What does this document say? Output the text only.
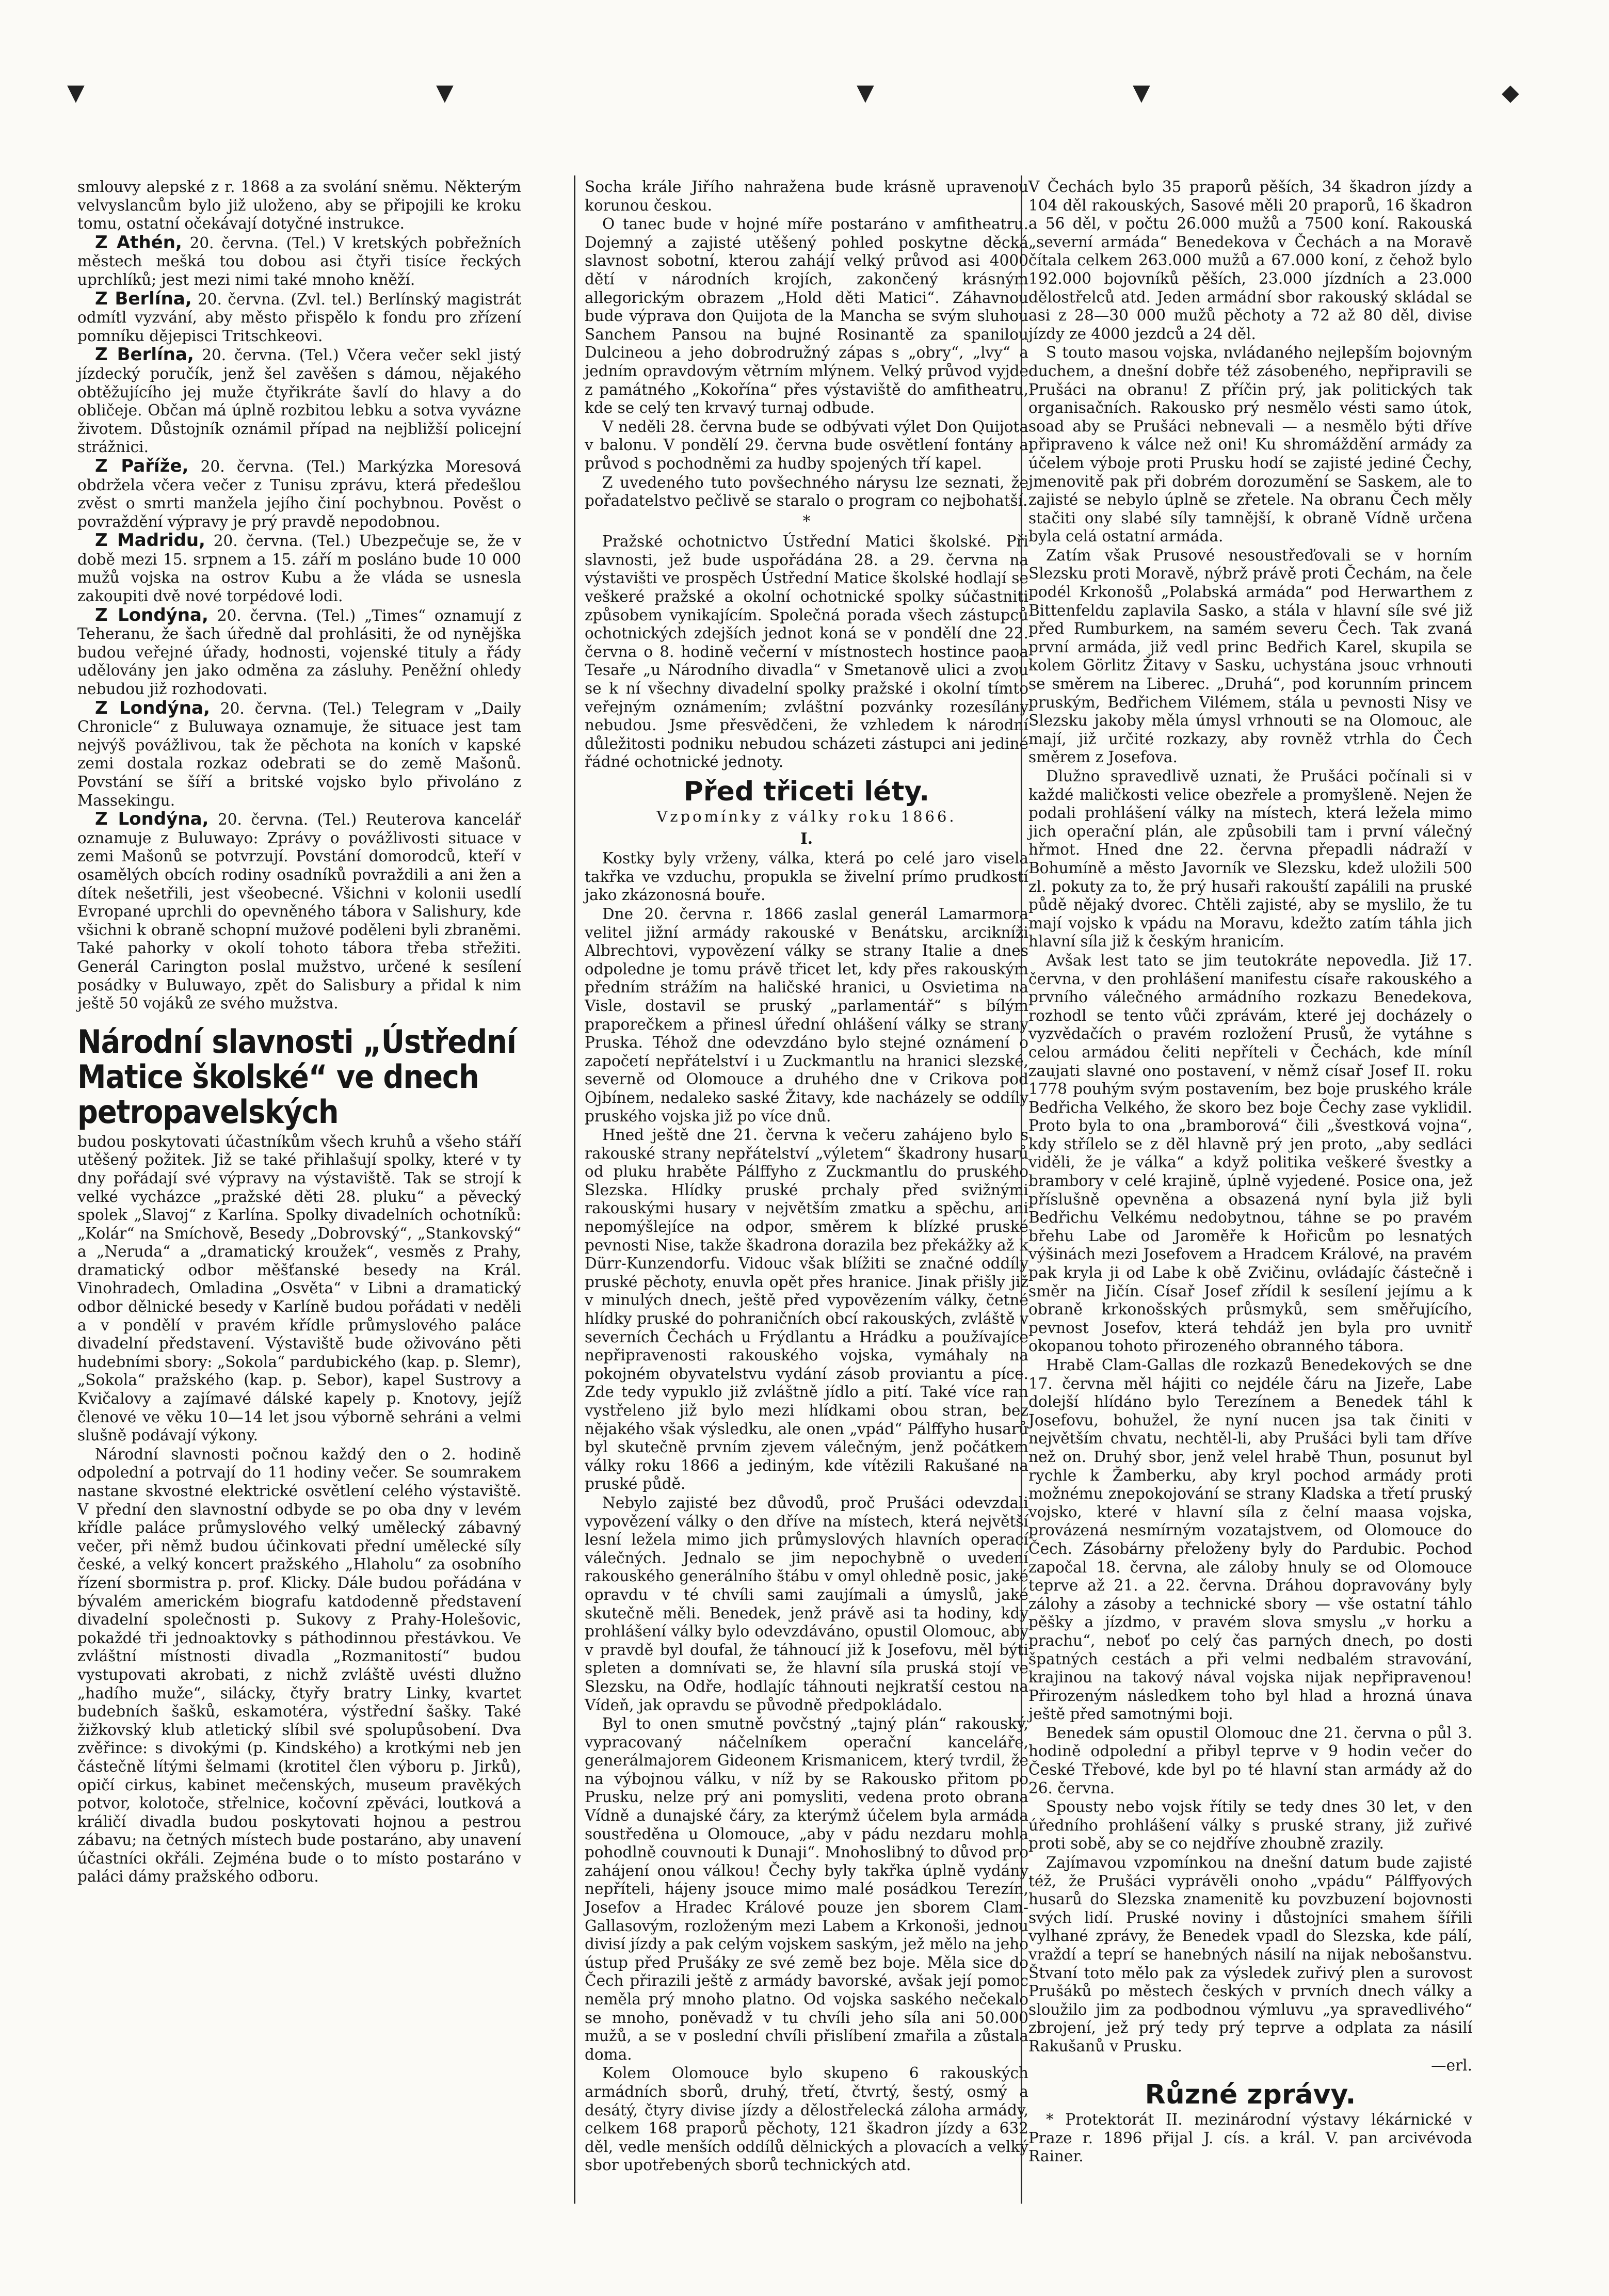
▼	▼	▼	▼	◆

smlouvy alepské z r. 1868 a za svolání sněmu. Některým velvyslancům bylo již uloženo, aby se připojili ke kroku tomu, ostatní očekávají dotyčné instrukce.

Z Athén, 20. června. (Tel.) V kretských pobřežních městech mešká tou dobou asi čtyři tisíce řeckých uprchlíků; jest mezi nimi také mnoho kněží.

Z Berlína, 20. června. (Zvl. tel.) Berlínský magistrát odmítl vyzvání, aby město přispělo k fondu pro zřízení pomníku dějepisci Tritschkeovi.

Z Berlína, 20. června. (Tel.) Včera večer sekl jistý jízdecký poručík, jenž šel zavěšen s dámou, nějakého obtěžujícího jej muže čtyřikráte šavlí do hlavy a do obličeje. Občan má úplně rozbitou lebku a sotva vyvázne životem. Důstojník oznámil případ na nejbližší policejní strážnici.

Z Paříže, 20. června. (Tel.) Markýzka Moresová obdržela včera večer z Tunisu zprávu, která předešlou zvěst o smrti manžela jejího činí pochybnou. Pověst o povraždění výpravy je prý pravdě nepodobnou.

Z Madridu, 20. června. (Tel.) Ubezpečuje se, že v době mezi 15. srpnem a 15. září m posláno bude 10 000 mužů vojska na ostrov Kubu a že vláda se usnesla zakoupiti dvě nové torpédové lodi.

Z Londýna, 20. června. (Tel.) „Times“ oznamují z Teheranu, že šach úředně dal prohlásiti, že od nynějška budou veřejné úřady, hodnosti, vojenské tituly a řády udělovány jen jako odměna za zásluhy. Peněžní ohledy nebudou již rozhodovati.

Z Londýna, 20. června. (Tel.) Telegram v „Daily Chronicle“ z Buluwaya oznamuje, že situace jest tam nejvýš povážlivou, tak že pěchota na koních v kapské zemi dostala rozkaz odebrati se do země Mašonů. Povstání se šíří a britské vojsko bylo přivoláno z Massekingu.

Z Londýna, 20. června. (Tel.) Reuterova kancelář oznamuje z Buluwayo: Zprávy o povážlivosti situace v zemi Mašonů se potvrzují. Povstání domorodců, kteří v osamělých obcích rodiny osadníků povraždili a ani žen a dítek nešetřili, jest všeobecné. Všichni v kolonii usedlí Evropané uprchli do opevněného tábora v Salishury, kde všichni k obraně schopní mužové poděleni byli zbraněmi. Také pahorky v okolí tohoto tábora třeba střežiti. Generál Carington poslal mužstvo, určené k sesílení posádky v Buluwayo, zpět do Salisbury a přidal k nim ještě 50 vojáků ze svého mužstva.

Národní slavnosti „Ústřední Matice školské“ ve dnech petropavelských

budou poskytovati účastníkům všech kruhů a všeho stáří utěšený požitek. Již se také přihlašují spolky, které v ty dny pořádají své výpravy na výstaviště. Tak se strojí k velké vycházce „pražské děti 28. pluku“ a pěvecký spolek „Slavoj“ z Karlína. Spolky divadelních ochotníků: „Kolár“ na Smíchově, Besedy „Dobrovský“, „Stankovský“ a „Neruda“ a „dramatický kroužek“, vesměs z Prahy, dramatický odbor měšťanské besedy na Král. Vinohradech, Omladina „Osvěta“ v Libni a dramatický odbor dělnické besedy v Karlíně budou pořádati v neděli a v pondělí v pravém křídle průmyslového paláce divadelní představení. Výstaviště bude oživováno pěti hudebními sbory: „Sokola“ pardubického (kap. p. Slemr), „Sokola“ pražského (kap. p. Sebor), kapel Sustrovy a Kvičalovy a zajímavé dálské kapely p. Knotovy, jejíž členové ve věku 10—14 let jsou výborně sehráni a velmi slušně podávají výkony.

Národní slavnosti počnou každý den o 2. hodině odpolední a potrvají do 11 hodiny večer. Se soumrakem nastane skvostné elektrické osvětlení celého výstaviště. V přední den slavnostní odbyde se po oba dny v levém křídle paláce průmyslového velký umělecký zábavný večer, při němž budou účinkovati přední umělecké síly české, a velký koncert pražského „Hlaholu“ za osobního řízení sbormistra p. prof. Klicky. Dále budou pořádána v bývalém americkém biografu katdodenně představení divadelní společnosti p. Sukovy z Prahy-Holešovic, pokaždé tři jednoaktovky s páthodinnou přestávkou. Ve zvláštní místnosti divadla „Rozmanitostí“ budou vystupovati akrobati, z nichž zvláště uvésti dlužno „hadího muže“, silácky, čtyřy bratry Linky, kvartet budebních šašků, eskamotéra, výstřední šašky. Také žižkovský klub atletický slíbil své spolupůsobení. Dva zvěřince: s divokými (p. Kindského) a krotkými neb jen částečně lítými šelmami (krotitel člen výboru p. Jirků), opičí cirkus, kabinet mečenských, museum pravěkých potvor, kolotoče, střelnice, kočovní zpěváci, loutková a králičí divadla budou poskytovati hojnou a pestrou zábavu; na četných místech bude postaráno, aby unavení účastníci okřáli. Zejména bude o to místo postaráno v paláci dámy pražského odboru.

Socha krále Jiřího nahražena bude krásně upravenou korunou českou.

O tanec bude v hojné míře postaráno v amfitheatru. Dojemný a zajisté utěšený pohled poskytne děcká slavnost sobotní, kterou zahájí velký průvod asi 4000 dětí v národních krojích, zakončený krásným allegorickým obrazem „Hold děti Matici“. Záhavnou bude výprava don Quijota de la Mancha se svým sluhou Sanchem Pansou na bujné Rosinantě za spanilou Dulcineou a jeho dobrodružný zápas s „obry“, „lvy“ a jedním opravdovým větrním mlýnem. Velký průvod vyjde z památného „Kokořína“ přes výstaviště do amfitheatru, kde se celý ten krvavý turnaj odbude.

V neděli 28. června bude se odbývati výlet Don Quijota v balonu. V pondělí 29. června bude osvětlení fontány a průvod s pochodněmi za hudby spojených tří kapel.

Z uvedeného tuto povšechného nárysu lze seznati, že pořadatelstvo pečlivě se staralo o program co nejbohatší.

*

Pražské ochotnictvo Ústřední Matici školské. Při slavnosti, jež bude uspořádána 28. a 29. června na výstavišti ve prospěch Ústřední Matice školské hodlají se veškeré pražské a okolní ochotnické spolky súčastniti způsobem vynikajícím. Společná porada všech zástupců ochotnických zdejších jednot koná se v pondělí dne 22. června o 8. hodině večerní v místnostech hostince paoa Tesaře „u Národního divadla“ v Smetanově ulici a zvou se k ní všechny divadelní spolky pražské i okolní tímto veřejným oznámením; zvláštní pozvánky rozesílány nebudou. Jsme přesvědčeni, že vzhledem k národní důležitosti podniku nebudou scházeti zástupci ani jediné řádné ochotnické jednoty.

Před třiceti léty.
Vzpomínky z války roku 1866.
I.

Kostky byly vrženy, válka, která po celé jaro visela takřka ve vzduchu, propukla se živelní prímo prudkostí jako zkázonosná bouře.

Dne 20. června r. 1866 zaslal generál Lamarmora velitel jižní armády rakouské v Benátsku, arcikníži Albrechtovi, vypovězení války se strany Italie a dnes odpoledne je tomu právě třicet let, kdy přes rakouským předním strážím na haličské hranici, u Osvietima na Visle, dostavil se pruský „parlamentář“ s bílým praporečkem a přinesl úřední ohlášení války se strany Pruska. Téhož dne odevzdáno bylo stejné oznámení o započetí nepřátelství i u Zuckmantlu na hranici slezské, severně od Olomouce a druhého dne v Crikova pod Ojbínem, nedaleko saské Žitavy, kde nacházely se oddíly pruského vojska již po více dnů.

Hned ještě dne 21. června k večeru zahájeno bylo s rakouské strany nepřátelství „výletem“ škadrony husarů od pluku hraběte Pálffyho z Zuckmantlu do pruského Slezska. Hlídky pruské prchaly před svižnými rakouskými husary v největším zmatku a spěchu, ani nepomýšlejíce na odpor, směrem k blízké pruské pevnosti Nise, takže škadrona dorazila bez překážky až k Dürr-Kunzendorfu. Vidouc však blížiti se značné oddíly pruské pěchoty, enuvla opět přes hranice. Jinak přišly již v minulých dnech, ještě před vypovězením války, četné hlídky pruské do pohraničních obcí rakouských, zvláště v severních Čechách u Frýdlantu a Hrádku a používajíce nepřipravenosti rakouského vojska, vymáhaly na pokojném obyvatelstvu vydání zásob proviantu a píce. Zde tedy vypuklo již zvláštně jídlo a pití. Také více ran vystřeleno již bylo mezi hlídkami obou stran, bez nějakého však výsledku, ale onen „vpád“ Pálffyho husarů byl skutečně prvním zjevem válečným, jenž počátkem války roku 1866 a jediným, kde vítězili Rakušané na pruské půdě.

Nebylo zajisté bez důvodů, proč Prušáci odevzdali vypovězení války o den dříve na místech, která největší lesní ležela mimo jich průmyslových hlavních operací válečných. Jednalo se jim nepochybně o uvedení rakouského generálního štábu v omyl ohledně posic, jaké opravdu v té chvíli sami zaujímali a úmyslů, jaké skutečně měli. Benedek, jenž právě asi ta hodiny, kdy prohlášení války bylo odevzdáváno, opustil Olomouc, aby v pravdě byl doufal, že táhnoucí již k Josefovu, měl býti spleten a domnívati se, že hlavní síla pruská stojí ve Slezsku, na Odře, hodlajíc táhnouti nejkratší cestou na Vídeň, jak opravdu se původně předpokládalo.

Byl to onen smutně povčstný „tajný plán“ rakouský, vypracovaný náčelníkem operační kanceláře, generálmajorem Gideonem Krismanicem, který tvrdil, že na výbojnou válku, v níž by se Rakousko přitom po Prusku, nelze prý ani pomysliti, vedena proto obrana Vídně a dunajské čáry, za kterýmž účelem byla armáda soustředěna u Olomouce, „aby v pádu nezdaru mohla pohodlně couvnouti k Dunaji“. Mnohoslibný to důvod pro zahájení onou válkou! Čechy byly takřka úplně vydány nepříteli, hájeny jsouce mimo malé posádkou Terezín, Josefov a Hradec Králové pouze jen sborem Clam-Gallasovým, rozloženým mezi Labem a Krkonoši, jednou divisí jízdy a pak celým vojskem saským, jež mělo na jeho ústup před Prušáky ze své země bez boje. Měla sice do Čech přirazili ještě z armády bavorské, avšak její pomoc neměla prý mnoho platno. Od vojska saského nečekalo se mnoho, poněvadž v tu chvíli jeho síla ani 50.000 mužů, a se v poslední chvíli přislíbení zmařila a zůstala doma.

Kolem Olomouce bylo skupeno 6 rakouských armádních sborů, druhý, třetí, čtvrtý, šestý, osmý a desátý, čtyry divise jízdy a dělostřelecká záloha armády, celkem 168 praporů pěchoty, 121 škadron jízdy a 632 děl, vedle menších oddílů dělnických a plovacích a velký sbor upotřebených sborů technických atd.

V Čechách bylo 35 praporů pěších, 34 škadron jízdy a 104 děl rakouských, Sasové měli 20 praporů, 16 škadron a 56 děl, v počtu 26.000 mužů a 7500 koní. Rakouská „severní armáda“ Benedekova v Čechách a na Moravě čítala celkem 263.000 mužů a 67.000 koní, z čehož bylo 192.000 bojovníků pěších, 23.000 jízdních a 23.000 dělostřelců atd. Jeden armádní sbor rakouský skládal se asi z 28—30 000 mužů pěchoty a 72 až 80 děl, divise jízdy ze 4000 jezdců a 24 děl.

S touto masou vojska, nvládaného nejlepším bojovným duchem, a dnešní dobře též zásobeného, nepřipravili se Prušáci na obranu! Z příčin prý, jak politických tak organisačních. Rakousko prý nesmělo vésti samo útok, soad aby se Prušáci nebnevali — a nesmělo býti dříve připraveno k válce než oni! Ku shromáždění armády za účelem výboje proti Prusku hodí se zajisté jediné Čechy, jmenovitě pak při dobrém dorozumění se Saskem, ale to zajisté se nebylo úplně se zřetele. Na obranu Čech měly stačiti ony slabé síly tamnější, k obraně Vídně určena byla celá ostatní armáda.

Zatím však Prusové nesoustřeďovali se v horním Slezsku proti Moravě, nýbrž právě proti Čechám, na čele podél Krkonošů „Polabská armáda“ pod Herwarthem z Bittenfeldu zaplavila Sasko, a stála v hlavní síle své již před Rumburkem, na samém severu Čech. Tak zvaná první armáda, již vedl princ Bedřich Karel, skupila se kolem Görlitz Žitavy v Sasku, uchystána jsouc vrhnouti se směrem na Liberec. „Druhá“, pod korunním princem pruským, Bedřichem Vilémem, stála u pevnosti Nisy ve Slezsku jakoby měla úmysl vrhnouti se na Olomouc, ale mají, již určité rozkazy, aby rovněž vtrhla do Čech směrem z Josefova.

Dlužno spravedlivě uznati, že Prušáci počínali si v každé maličkosti velice obezřele a promyšleně. Nejen že podali prohlášení války na místech, která ležela mimo jich operační plán, ale způsobili tam i první válečný hřmot. Hned dne 22. června přepadli nádraží v Bohumíně a město Javorník ve Slezsku, kdež uložili 500 zl. pokuty za to, že prý husaři rakouští zapálili na pruské půdě nějaký dvorec. Chtěli zajisté, aby se myslilo, že tu mají vojsko k vpádu na Moravu, kdežto zatím táhla jich hlavní síla již k českým hranicím.

Avšak lest tato se jim teutokráte nepovedla. Již 17. června, v den prohlášení manifestu císaře rakouského a prvního válečného armádního rozkazu Benedekova, rozhodl se tento vůči zprávám, které jej docházely o vyzvědačích o pravém rozložení Prusů, že vytáhne s celou armádou čeliti nepříteli v Čechách, kde míníl zaujati slavné ono postavení, v němž císař Josef II. roku 1778 pouhým svým postavením, bez boje pruského krále Bedřicha Velkého, že skoro bez boje Čechy zase vyklidil. Proto byla to ona „bramborová“ čili „švestková vojna“, kdy střílelo se z děl hlavně prý jen proto, „aby sedláci viděli, že je válka“ a když politika veškeré švestky a brambory v celé krajině, úplně vyjedené. Posice ona, jež příslušně opevněna a obsazená nyní byla již byli Bedřichu Velkému nedobytnou, táhne se po pravém břehu Labe od Jaroměře k Hořicům po lesnatých výšinách mezi Josefovem a Hradcem Králové, na pravém pak kryla ji od Labe k obě Zvičinu, ovládajíc částečně i směr na Jičín. Císař Josef zřídil k sesílení jejímu a k obraně krkonošských průsmyků, sem směřujícího, pevnost Josefov, která tehdáž jen byla pro uvnitř okopanou tohoto přirozeného obranného tábora.

Hrabě Clam-Gallas dle rozkazů Benedekových se dne 17. června měl hájiti co nejdéle čáru na Jizeře, Labe dolejší hlídáno bylo Terezínem a Benedek táhl k Josefovu, bohužel, že nyní nucen jsa tak činiti v největším chvatu, nechtěl-li, aby Prušáci byli tam dříve než on. Druhý sbor, jenž velel hrabě Thun, posunut byl rychle k Žamberku, aby kryl pochod armády proti možnému znepokojování se strany Kladska a třetí pruský vojsko, které v hlavní síla z čelní maasa vojska, provázená nesmírným vozatajstvem, od Olomouce do Čech. Zásobárny přeloženy byly do Pardubic. Pochod započal 18. června, ale záloby hnuly se od Olomouce teprve až 21. a 22. června. Dráhou dopravovány byly zálohy a zásoby a technické sbory — vše ostatní táhlo pěšky a jízdmo, v pravém slova smyslu „v horku a prachu“, neboť po celý čas parných dnech, po dosti špatných cestách a při velmi nedbalém stravování, krajinou na takový nával vojska nijak nepřipravenou! Přirozeným následkem toho byl hlad a hrozná únava ještě před samotnými boji.

Benedek sám opustil Olomouc dne 21. června o půl 3. hodině odpolední a přibyl teprve v 9 hodin večer do České Třebové, kde byl po té hlavní stan armády až do 26. června.

Spousty nebo vojsk řítily se tedy dnes 30 let, v den úředního prohlášení války s pruské strany, již zuřivé proti sobě, aby se co nejdříve zhoubně zrazily.

Zajímavou vzpomínkou na dnešní datum bude zajisté též, že Prušáci vyprávěli onoho „vpádu“ Pálffyových husarů do Slezska znamenitě ku povzbuzení bojovnosti svých lidí. Pruské noviny i důstojníci smahem šířili vylhané zprávy, že Benedek vpadl do Slezska, kde pálí, vraždí a teprí se hanebných násilí na nijak nebošanstvu. Štvaní toto mělo pak za výsledek zuřivý plen a surovost Prušáků po městech českých v prvních dnech války a sloužilo jim za podbodnou výmluvu „ya spravedlivého“ zbrojení, jež prý tedy prý teprve a odplata za násilí Rakušanů v Prusku.

—erl.

Různé zprávy.

* Protektorát II. mezinárodní výstavy lékárnické v Praze r. 1896 přijal J. cís. a král. V. pan arcivévoda Rainer.
